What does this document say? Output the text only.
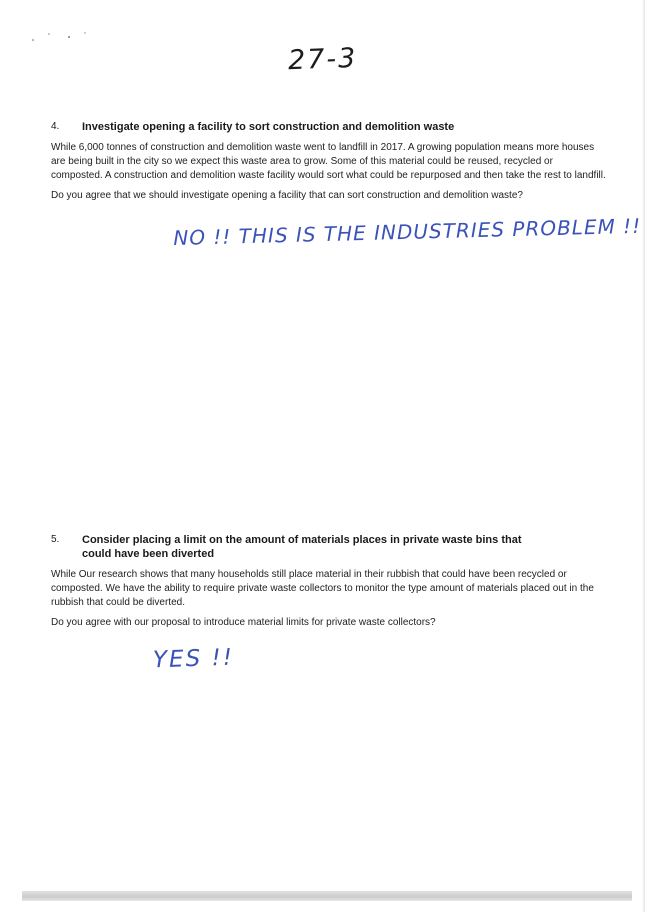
27-3
4.	Investigate opening a facility to sort construction and demolition waste
While 6,000 tonnes of construction and demolition waste went to landfill in 2017. A growing population means more houses are being built in the city so we expect this waste area to grow. Some of this material could be reused, recycled or composted. A construction and demolition waste facility would sort what could be repurposed and then take the rest to landfill.
Do you agree that we should investigate opening a facility that can sort construction and demolition waste?
NO !! THIS IS THE INDUSTRIES PROBLEM !!
5.	Consider placing a limit on the amount of materials places in private waste bins that could have been diverted
While Our research shows that many households still place material in their rubbish that could have been recycled or composted. We have the ability to require private waste collectors to monitor the type amount of materials placed out in the rubbish that could be diverted.
Do you agree with our proposal to introduce material limits for private waste collectors?
YES !!
